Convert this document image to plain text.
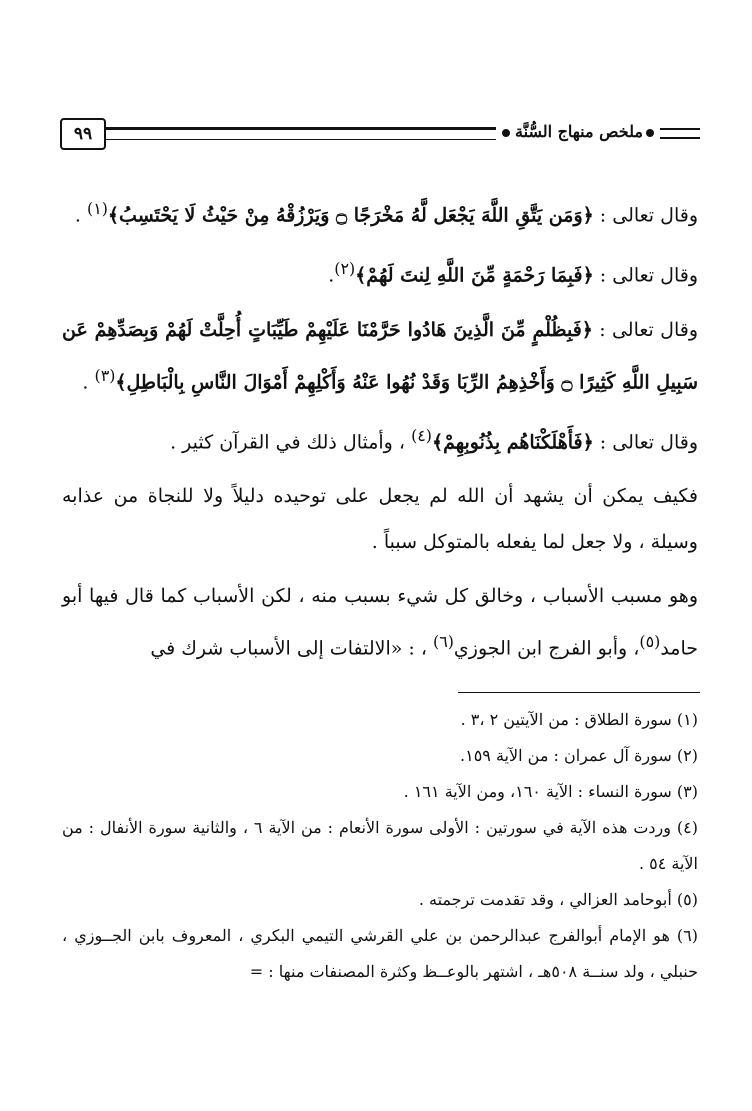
٩٩	ملخص منهاج السُّنَّة

وقال تعالى : ﴿وَمَن يَتَّقِ اللَّهَ يَجْعَل لَّهُ مَخْرَجًا ۝ وَيَرْزُقْهُ مِنْ حَيْثُ لَا يَحْتَسِبُ﴾$^{(١)}$ .

وقال تعالى : ﴿فَبِمَا رَحْمَةٍ مِّنَ اللَّهِ لِنتَ لَهُمْ﴾$^{(٢)}$.

وقال تعالى : ﴿فَبِظُلْمٍ مِّنَ الَّذِينَ هَادُوا حَرَّمْنَا عَلَيْهِمْ طَيِّبَاتٍ أُحِلَّتْ لَهُمْ وَبِصَدِّهِمْ عَن سَبِيلِ اللَّهِ كَثِيرًا ۝ وَأَخْذِهِمُ الرِّبَا وَقَدْ نُهُوا عَنْهُ وَأَكْلِهِمْ أَمْوَالَ النَّاسِ بِالْبَاطِلِ﴾$^{(٣)}$ .

وقال تعالى : ﴿فَأَهْلَكْنَاهُم بِذُنُوبِهِمْ﴾$^{(٤)}$ ، وأمثال ذلك في القرآن كثير .

فكيف يمكن أن يشهد أن الله لم يجعل على توحيده دليلاً ولا للنجاة من عذابه وسيلة ، ولا جعل لما يفعله بالمتوكل سبباً .

وهو مسبب الأسباب ، وخالق كل شيء بسبب منه ، لكن الأسباب كما قال فيها أبو حامد$^{(٥)}$، وأبو الفرج ابن الجوزي$^{(٦)}$ ، : «الالتفات إلى الأسباب شرك في

(١) سورة الطلاق : من الآيتين ٢ ،٣ .

(٢) سورة آل عمران : من الآية ١٥٩.

(٣) سورة النساء : الآية ١٦٠، ومن الآية ١٦١ .

(٤) وردت هذه الآية في سورتين : الأولى سورة الأنعام : من الآية ٦ ، والثانية سورة الأنفال : من الآية ٥٤ .

(٥) أبوحامد العزالي ، وقد تقدمت ترجمته .

(٦) هو الإمام أبوالفرج عبدالرحمن بن علي القرشي التيمي البكري ، المعروف بابن الجــوزي ، حنبلي ، ولد سنــة ٥٠٨هـ ، اشتهر بالوعــظ وكثرة المصنفات منها : =
